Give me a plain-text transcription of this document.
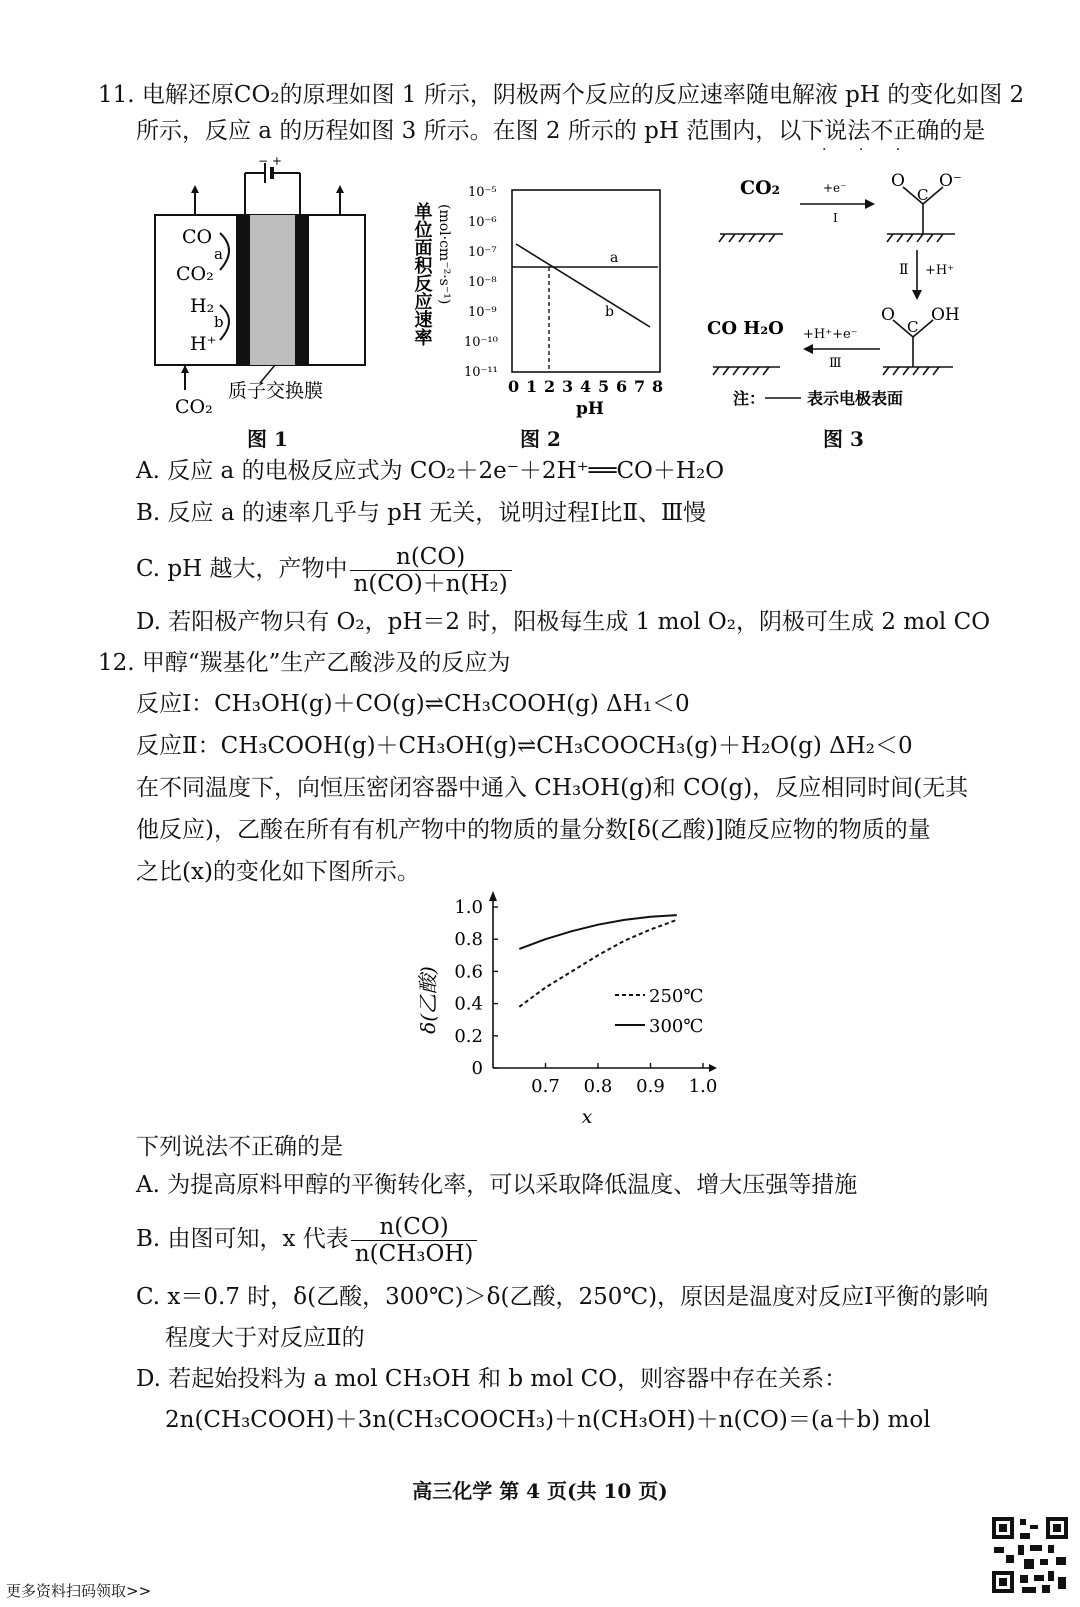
11. 电解还原CO₂的原理如图 1 所示，阴极两个反应的反应速率随电解液 pH 的变化如图 2
所示，反应 a 的历程如图 3 所示。在图 2 所示的 pH 范围内，以下说法不正确的是
· · ·
− +
CO
a
CO₂
H₂
b
H⁺
CO₂
质子交换膜
图 1
单位面积反应速率 (mol·cm⁻²·s⁻¹)
10⁻⁵
10⁻⁶
10⁻⁷
10⁻⁸
10⁻⁹
10⁻¹⁰
10⁻¹¹
a
b
0 1 2 3 4 5 6 7 8
pH
图 2
CO₂	+e⁻
Ⅰ
O
C
O⁻
Ⅱ +H⁺
O
C
OH
+H⁺+e⁻
Ⅲ
CO H₂O
注：	表示电极表面
图 3
A. 反应 a 的电极反应式为 CO₂＋2e⁻＋2H⁺══CO＋H₂O
B. 反应 a 的速率几乎与 pH 无关，说明过程Ⅰ比Ⅱ、Ⅲ慢
C. pH 越大，产物中 $\frac{n(CO)}{\text{n(CO)＋n(H₂)}}$
D. 若阳极产物只有 O₂，pH＝2 时，阳极每生成 1 mol O₂，阴极可生成 2 mol CO
12. 甲醇“羰基化”生产乙酸涉及的反应为
反应Ⅰ：CH₃OH(g)＋CO(g)⇌CH₃COOH(g) ΔH₁＜0
反应Ⅱ：CH₃COOH(g)＋CH₃OH(g)⇌CH₃COOCH₃(g)＋H₂O(g) ΔH₂＜0
在不同温度下，向恒压密闭容器中通入 CH₃OH(g)和 CO(g)，反应相同时间(无其
他反应)，乙酸在所有有机产物中的物质的量分数[δ(乙酸)]随反应物的物质的量
之比(x)的变化如下图所示。
δ(乙酸)
x
0
0.2
0.4
0.6
0.8
1.0
0.7 0.8 0.9 1.0
250℃
300℃
下列说法不正确的是
A. 为提高原料甲醇的平衡转化率，可以采取降低温度、增大压强等措施
B. 由图可知，x 代表 $\frac{n(CO)}{\text{n(CH₃OH)}}$
C. x＝0.7 时，δ(乙酸，300℃)＞δ(乙酸，250℃)，原因是温度对反应Ⅰ平衡的影响
程度大于对反应Ⅱ的
D. 若起始投料为 a mol CH₃OH 和 b mol CO，则容器中存在关系：
2n(CH₃COOH)＋3n(CH₃COOCH₃)＋n(CH₃OH)＋n(CO)＝(a＋b) mol
高三化学 第 4 页(共 10 页)
更多资料扫码领取>>
